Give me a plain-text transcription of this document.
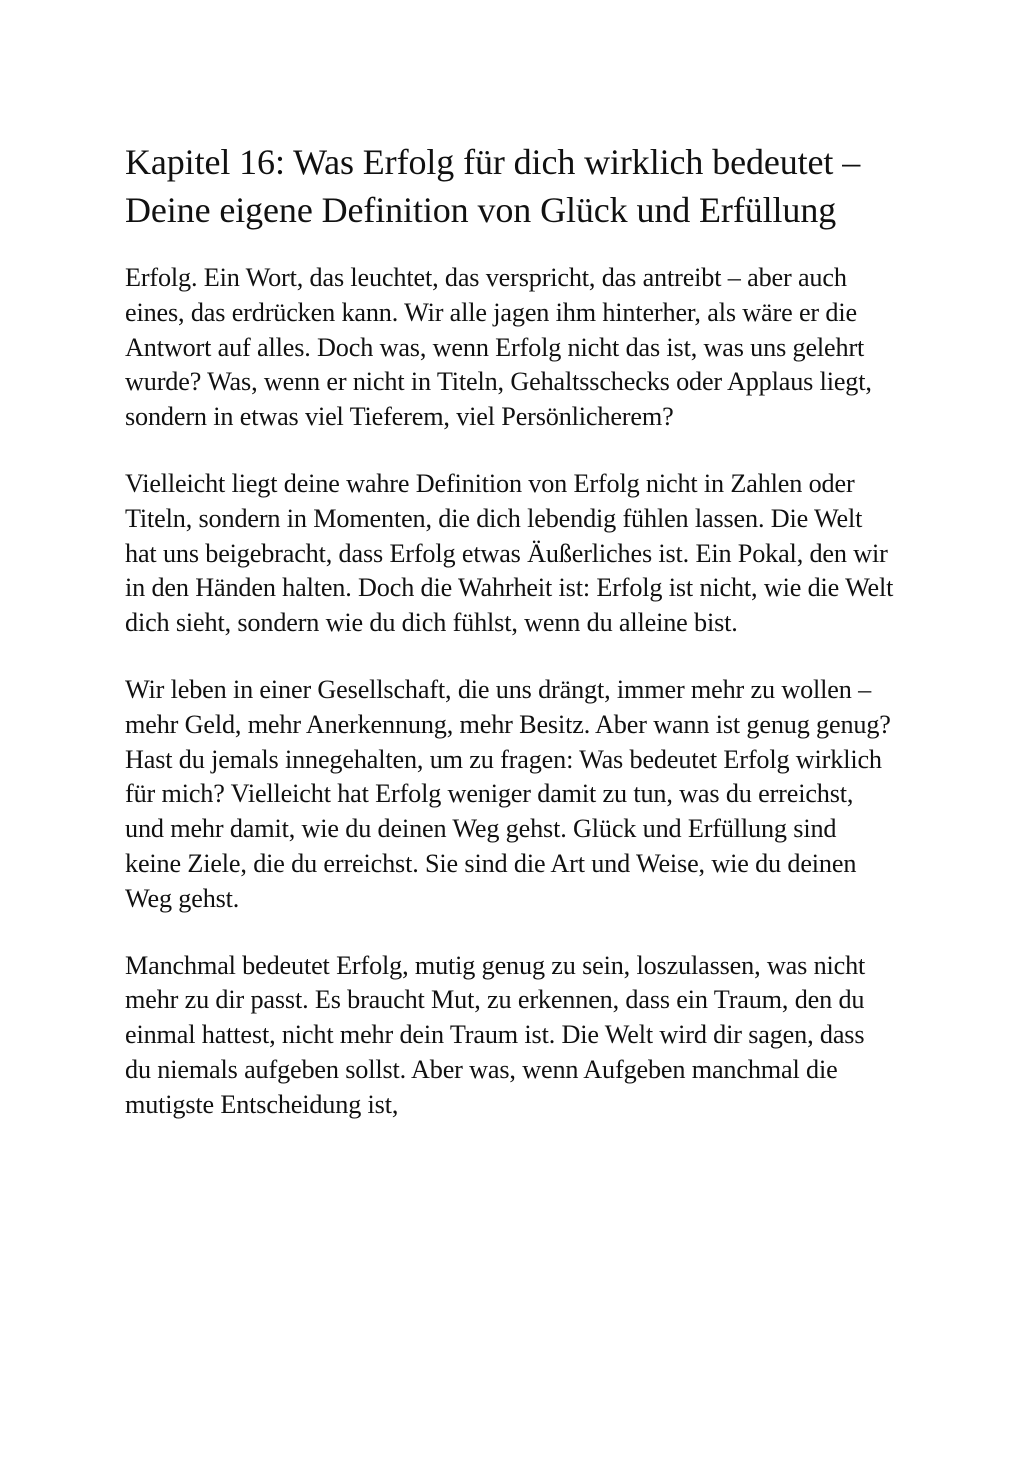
Kapitel 16: Was Erfolg für dich wirklich bedeutet – Deine eigene Definition von Glück und Erfüllung

Erfolg. Ein Wort, das leuchtet, das verspricht, das antreibt – aber auch eines, das erdrücken kann. Wir alle jagen ihm hinterher, als wäre er die Antwort auf alles. Doch was, wenn Erfolg nicht das ist, was uns gelehrt wurde? Was, wenn er nicht in Titeln, Gehaltsschecks oder Applaus liegt, sondern in etwas viel Tieferem, viel Persönlicherem?

Vielleicht liegt deine wahre Definition von Erfolg nicht in Zahlen oder Titeln, sondern in Momenten, die dich lebendig fühlen lassen. Die Welt hat uns beigebracht, dass Erfolg etwas Äußerliches ist. Ein Pokal, den wir in den Händen halten. Doch die Wahrheit ist: Erfolg ist nicht, wie die Welt dich sieht, sondern wie du dich fühlst, wenn du alleine bist.

Wir leben in einer Gesellschaft, die uns drängt, immer mehr zu wollen – mehr Geld, mehr Anerkennung, mehr Besitz. Aber wann ist genug genug? Hast du jemals innegehalten, um zu fragen: Was bedeutet Erfolg wirklich für mich? Vielleicht hat Erfolg weniger damit zu tun, was du erreichst, und mehr damit, wie du deinen Weg gehst. Glück und Erfüllung sind keine Ziele, die du erreichst. Sie sind die Art und Weise, wie du deinen Weg gehst.

Manchmal bedeutet Erfolg, mutig genug zu sein, loszulassen, was nicht mehr zu dir passt. Es braucht Mut, zu erkennen, dass ein Traum, den du einmal hattest, nicht mehr dein Traum ist. Die Welt wird dir sagen, dass du niemals aufgeben sollst. Aber was, wenn Aufgeben manchmal die mutigste Entscheidung ist,
